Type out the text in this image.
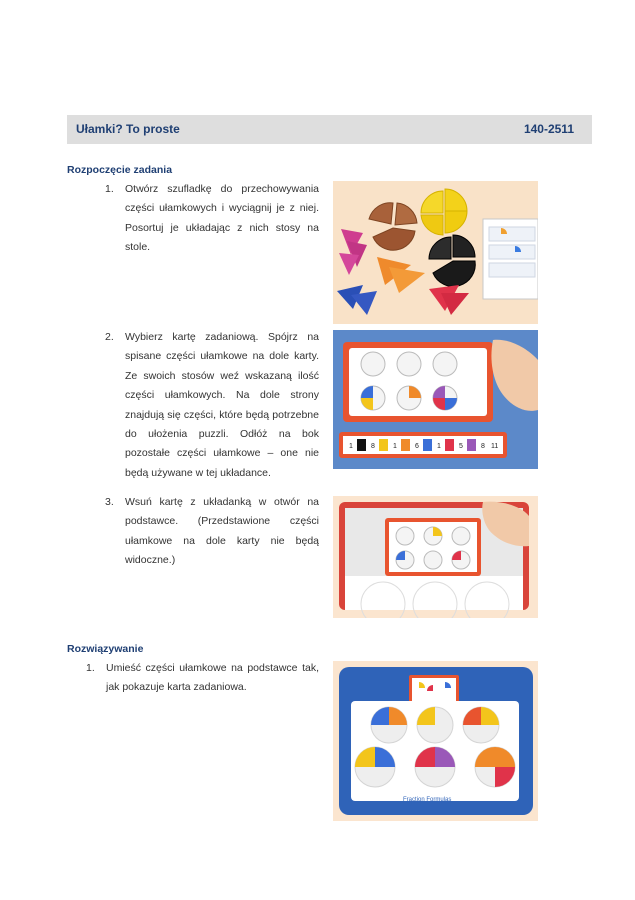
Ułamki? To proste	140-2511
Rozpoczęcie zadania
1. Otwórz szufladkę do przechowywania części ułamkowych i wyciągnij je z niej. Posortuj je układając z nich stosy na stole.
2. Wybierz kartę zadaniową. Spójrz na spisane części ułamkowe na dole karty. Ze swoich stosów weź wskazaną ilość części ułamkowych. Na dole strony znajdują się części, które będą potrzebne do ułożenia puzzli. Odłóż na bok pozostałe części ułamkowe – one nie będą używane w tej układance.
3. Wsuń kartę z układanką w otwór na podstawce. (Przedstawione części ułamkowe na dole karty nie będą widoczne.)
Rozwiązywanie
1. Umieść części ułamkowe na podstawce tak, jak pokazuje karta zadaniowa.
1	8	1	6	1	5	8 11
Fraction Formulas
